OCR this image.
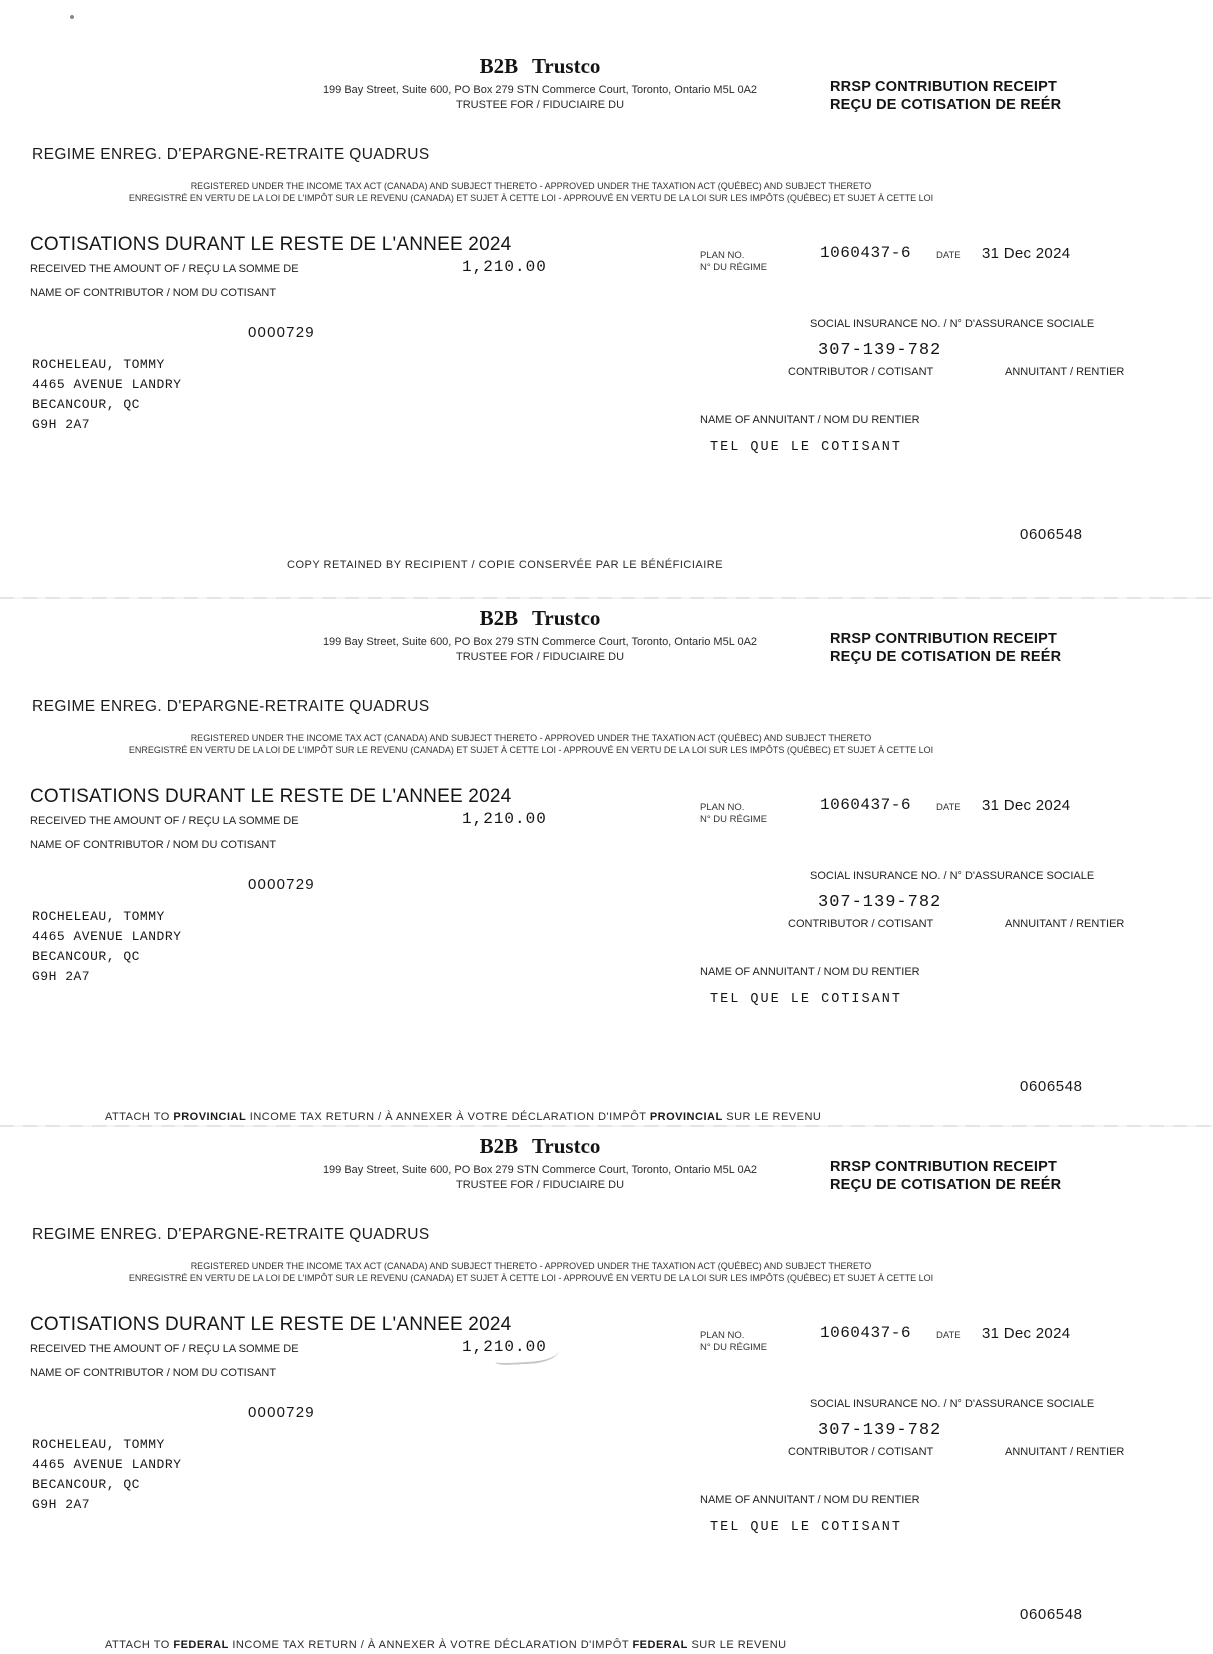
B2B Trustco
199 Bay Street, Suite 600, PO Box 279 STN Commerce Court, Toronto, Ontario M5L 0A2
TRUSTEE FOR / FIDUCIAIRE DU
RRSP CONTRIBUTION RECEIPT
REÇU DE COTISATION DE REÉR
REGIME ENREG. D'EPARGNE-RETRAITE QUADRUS
REGISTERED UNDER THE INCOME TAX ACT (CANADA) AND SUBJECT THERETO - APPROVED UNDER THE TAXATION ACT (QUÉBEC) AND SUBJECT THERETO
ENREGISTRÉ EN VERTU DE LA LOI DE L'IMPÔT SUR LE REVENU (CANADA) ET SUJET À CETTE LOI - APPROUVÉ EN VERTU DE LA LOI SUR LES IMPÔTS (QUÉBEC) ET SUJET À CETTE LOI
COTISATIONS DURANT LE RESTE DE L'ANNEE 2024
RECEIVED THE AMOUNT OF / REÇU LA SOMME DE	1,210.00
PLAN NO.
N° DU RÉGIME
1060437-6	DATE 31 Dec 2024
NAME OF CONTRIBUTOR / NOM DU COTISANT
0000729	SOCIAL INSURANCE NO. / N° D'ASSURANCE SOCIALE
307-139-782
CONTRIBUTOR / COTISANT	ANNUITANT / RENTIER
ROCHELEAU, TOMMY
4465 AVENUE LANDRY
BECANCOUR, QC
G9H 2A7	NAME OF ANNUITANT / NOM DU RENTIER
TEL QUE LE COTISANT
0606548
COPY RETAINED BY RECIPIENT / COPIE CONSERVÉE PAR LE BÉNÉFICIAIRE
B2B Trustco
199 Bay Street, Suite 600, PO Box 279 STN Commerce Court, Toronto, Ontario M5L 0A2
TRUSTEE FOR / FIDUCIAIRE DU
RRSP CONTRIBUTION RECEIPT
REÇU DE COTISATION DE REÉR
REGIME ENREG. D'EPARGNE-RETRAITE QUADRUS
REGISTERED UNDER THE INCOME TAX ACT (CANADA) AND SUBJECT THERETO - APPROVED UNDER THE TAXATION ACT (QUÉBEC) AND SUBJECT THERETO
ENREGISTRÉ EN VERTU DE LA LOI DE L'IMPÔT SUR LE REVENU (CANADA) ET SUJET À CETTE LOI - APPROUVÉ EN VERTU DE LA LOI SUR LES IMPÔTS (QUÉBEC) ET SUJET À CETTE LOI
COTISATIONS DURANT LE RESTE DE L'ANNEE 2024
RECEIVED THE AMOUNT OF / REÇU LA SOMME DE	1,210.00
PLAN NO.
N° DU RÉGIME
1060437-6	DATE 31 Dec 2024
NAME OF CONTRIBUTOR / NOM DU COTISANT
0000729	SOCIAL INSURANCE NO. / N° D'ASSURANCE SOCIALE
307-139-782
CONTRIBUTOR / COTISANT	ANNUITANT / RENTIER
ROCHELEAU, TOMMY
4465 AVENUE LANDRY
BECANCOUR, QC
G9H 2A7	NAME OF ANNUITANT / NOM DU RENTIER
TEL QUE LE COTISANT
0606548
ATTACH TO PROVINCIAL INCOME TAX RETURN / À ANNEXER À VOTRE DÉCLARATION D'IMPÔT PROVINCIAL SUR LE REVENU
B2B Trustco
199 Bay Street, Suite 600, PO Box 279 STN Commerce Court, Toronto, Ontario M5L 0A2
TRUSTEE FOR / FIDUCIAIRE DU
RRSP CONTRIBUTION RECEIPT
REÇU DE COTISATION DE REÉR
REGIME ENREG. D'EPARGNE-RETRAITE QUADRUS
REGISTERED UNDER THE INCOME TAX ACT (CANADA) AND SUBJECT THERETO - APPROVED UNDER THE TAXATION ACT (QUÉBEC) AND SUBJECT THERETO
ENREGISTRÉ EN VERTU DE LA LOI DE L'IMPÔT SUR LE REVENU (CANADA) ET SUJET À CETTE LOI - APPROUVÉ EN VERTU DE LA LOI SUR LES IMPÔTS (QUÉBEC) ET SUJET À CETTE LOI
COTISATIONS DURANT LE RESTE DE L'ANNEE 2024
RECEIVED THE AMOUNT OF / REÇU LA SOMME DE	1,210.00
PLAN NO.
N° DU RÉGIME
1060437-6	DATE 31 Dec 2024
NAME OF CONTRIBUTOR / NOM DU COTISANT
0000729	SOCIAL INSURANCE NO. / N° D'ASSURANCE SOCIALE
307-139-782
CONTRIBUTOR / COTISANT	ANNUITANT / RENTIER
ROCHELEAU, TOMMY
4465 AVENUE LANDRY
BECANCOUR, QC
G9H 2A7	NAME OF ANNUITANT / NOM DU RENTIER
TEL QUE LE COTISANT
0606548
ATTACH TO FEDERAL INCOME TAX RETURN / À ANNEXER À VOTRE DÉCLARATION D'IMPÔT FEDERAL SUR LE REVENU
